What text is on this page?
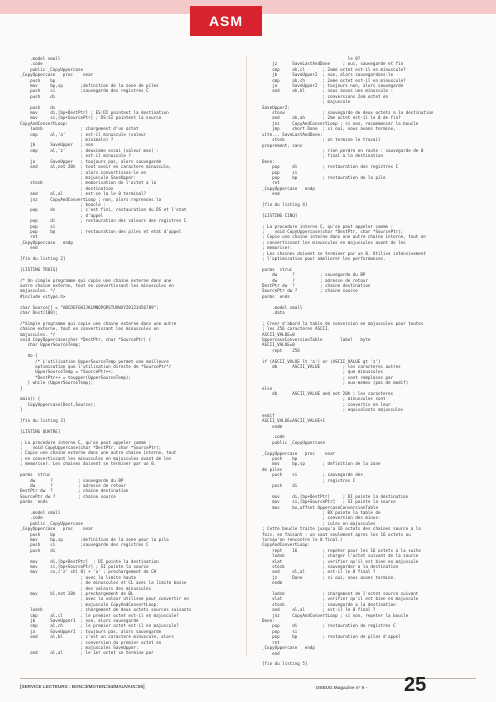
ASM
.model small
.code
public _CopyUppercase
_CopyUppercase   proc    near
push    bp
mov     bp,sp       ;definition de la zone de piles
push    si          ;sauvegarde des registres C
push    di
push    ds
mov     di,[bp+DestPtr] ; ES:DI pointent la destination
mov     si,[bp+SourcePtr] ; DS:SI pointent la source
CopyAndConvertLoop:
lodsb               ; chargement d'un octet
cmp     al,'a'      ; est-il minuscule (valeur
; minimale) ?
jb      SaveUpper   ; non
cmp     al,'z'      ; deuxieme essai (valeur max) :
; est-il minuscule ?
ja      SaveUpper   ; toujours pas, alors sauvegarde
and     al,not 20h  ; tout avoir en caractere minuscule,
; alors convertissez-le en
; majuscule SaveUpper:
stosb               ; memorisation de l'octet a la
; destination
and     al,al       ; est-ce la le 0 terminal?
jnz     CopyAndConvertLoop ; non, alors reprenons la
; boucle :
pop     ds          ; c'est fini, restauration du DS et l'etat
; d'appel
pop     di          ; restauration des valeurs des registres C
pop     si
pop     bp          ; restauration des piles et etat d'appel
ret
_CopyUppercase   endp
end
[fin du listing 2]
[LISTING TROIS]
/* Un simple programme qui copie une chaine externe dans une
autre chaine externe, tout en convertissant les minuscules en
majuscules. */
#include <stype.h>
char Source[] = "ABCDEFGHIJKLMNOPQRSTUVWXYZ0123456789";
char Dest[100];
/*Simple programme qui copie une chaine externe dans une autre
chaine externe, tout en convertissant les minuscules en
majuscules. */
void CopyUppercase(char *DestPtr, char *SourcePtr) {
char UpperSourceTemp;
do {
/* L'utilisation UpperSourceTemp permet une meilleure
optimisation que l'utilisation directe de *SourcePtr*/
UpperSourceTemp = *SourcePtr++;
*DestPtr++ = toupper(UpperSourceTemp);
} while (UpperSourceTemp);
}
main() {
CopyUppercase(Dest,Source);
}
[fin du listing 3]
[LISTING QUATRE]
; La procedure interne C, qu'on peut appeler comme :
;    void CopyUppercase(char *DestPtr, char *SourcePtr);
; Copie une chaine externe dans une autre chaine interne, tout
; en convertissant les minuscules en majuscules avant de les
; memoriser. Les chaines doivent se terminer par un 0.
parms  struc
dw      ?          ; sauvegarde du BP
dw      ?          ; adresse de retour
DestPtr dw  ?          ; chaine destination
SourcePtr dw ?         ; chaine source
parms  ends
.model small
.code
public _CopyUppercase
_CopyUppercase   proc    near
push    bp
mov     bp,sp       ;definition de la zone pour la pile
push    si          ;sauvegarde des registres C
push    di
mov     di,[bp+DestPtr]  ; DI pointe la destination
mov     si,[bp+SourcePtr] ; SI pointe la source
mov     cx,('z' shl 8) + 'a' ; prechargement de CH
; avec la limite haute
; de minuscules et CL avec la limite basse
; des valeurs des minuscules
mov     bl,not 20h  ; prechargement de BL
; avec la valeur utilisee pour convertir en
; majuscule CopyAndConvertLoop:
lodsb               ; chargement de deux octets sources suivants
cmp     al,cl       ; le premier octet est-il en majuscule?
jb      SaveUpper1  ; non, alors sauvegarde
cmp     al,ch       ; le premier octet est-il en majuscule?
ja      SaveUpper1  ; toujours pas, alors sauvegarde
and     al,bl       ; c'est un caractere minuscule, alors
; conversion du premier octet en
; majuscules SaveUpper:
and     al,al       ; le 1er octet se termine par
le 0?
jz      SaveLastAndDone     ; oui, sauvegarde et fin
cmp     ah,cl       ; 2eme octet est-il en minuscule?
jb      SaveUpper2  ; non, alors sauvegardons-le
cmp     ah,ch       ; 2eme octet est-il en minuscule?
ja      SaveUpper2  ; toujours non, alors sauvegarde
and     ah,bl       ; nous avons une minuscule :
; conversions 2em octet en
; majuscule
SaveUpper2:
stosw               ; sauvegarde de deux octets a la destination
and     ah,ah       ; 2me octet est-il le 0 de fin?
jnz     CopyAndConvertLoop ; si non, recommencer la boucle
jmp     short Done  ; si oui, nous avons termine,
vite... SaveLastAndDone:
stosb               ; on termine le travail
proprement, sans
; rien perdre en route : sauvegarde de 0
; final a la destination
Done:
pop     di          ; restauration des registres C
pop     si
pop     bp          ; restauration de la pile
ret
_CopyUppercase   endp
end
[fin du listing 4]
[LISTING CINQ]
; La procedure interne C, qu'on peut appeler comme :
;    void CopyUppercase(char *DestPtr, char *SourcePtr);
; Copie une chaine interne dans une autre chaine interne, tout en
; convertissant les minuscules en majuscules avant de les
; memoriser.
; Les chaines doivent se terminer par un 0. Utilise intensivement
; l'optimisation pour ameliorer les performances.
parms  struc
dw      ?          ; sauvegarde du BP
dw      ?          ; adresse de retour
DestPtr dw  ?          ; chaine destination
SourcePtr dw ?         ; chaine source
parms  ends
.model small
.data
; Creer d'abord la table de conversion en majuscules pour toutes
; les 256 caracteres ASCII.
ASCII_VALUE=0
UppercaseConversionTable       label   byte
ASCII_VALUE=0
rept    256
if (ASCII_VALUE lt 'a') or (ASCII_VALUE gt 'z')
db      ASCII_VALUE         ; les caracteres autres
; que minuscules
; sont remplaces par
; eux-memes (pas de modif)
else
db      ASCII_VALUE and not 20h ; les caracteres
; minuscules sont
; convertis en leur
; equivalents majuscules
endif
ASCII_VALUE=ASCII_VALUE+1
endm
.code
public _CopyUppercase
_CopyUppercase   proc    near
push    bp
mov     bp,sp       ; definition de la zone
de piles
push    si          ; sauvegarde des
; registres C
push    di
mov     di,[bp+DestPtr]     ; DI pointe la destination
mov     si,[bp+SourcePtr]   ; SI pointe la source
mov     bx,offset UppercaseConversionTable
; BX pointe la table de
; conversion des minus-
; cules en majuscules
; Cette boucle traite jusqu'a 16 octets des chaines source a la
fois, en faisant : un saut seulement apres les 16 octets ou
lorsqu'on rencontre le 0 final.)
CopyAndConvertLoop:
rept    16          ; repeter pour les 16 octets a la suite
lodsb               ; charger l'octet suivant de la source
xlat                ; verifier qu'il est bien en majuscule
stosb               ; sauvegarder a la destination
and     al,al       ; est-il le 0 final ?
jz      Done        ; si oui, nous avons termine.
endm
lodsb               ; chargement de l'octet source suivant
xlat                ; verifier qu'il est bien en majuscule
stosb               ; sauvegarde a la destination
and     al,al       ; est-il le 0 final ?
jnz     CopyAndConvertLoop ; si non, repeter la boucle
Done:
pop     di          ; restauration de registres C
pop     si
pop     bp          ; restauration de piles d'appel
ret
_CopyUppercase   endp
end
[fin du listing 5]
[SERVICE LECTEURS : BON=3/MOYEN=54/MAUVAIS=55]	DEBUG Magazine n° 6 - 25
